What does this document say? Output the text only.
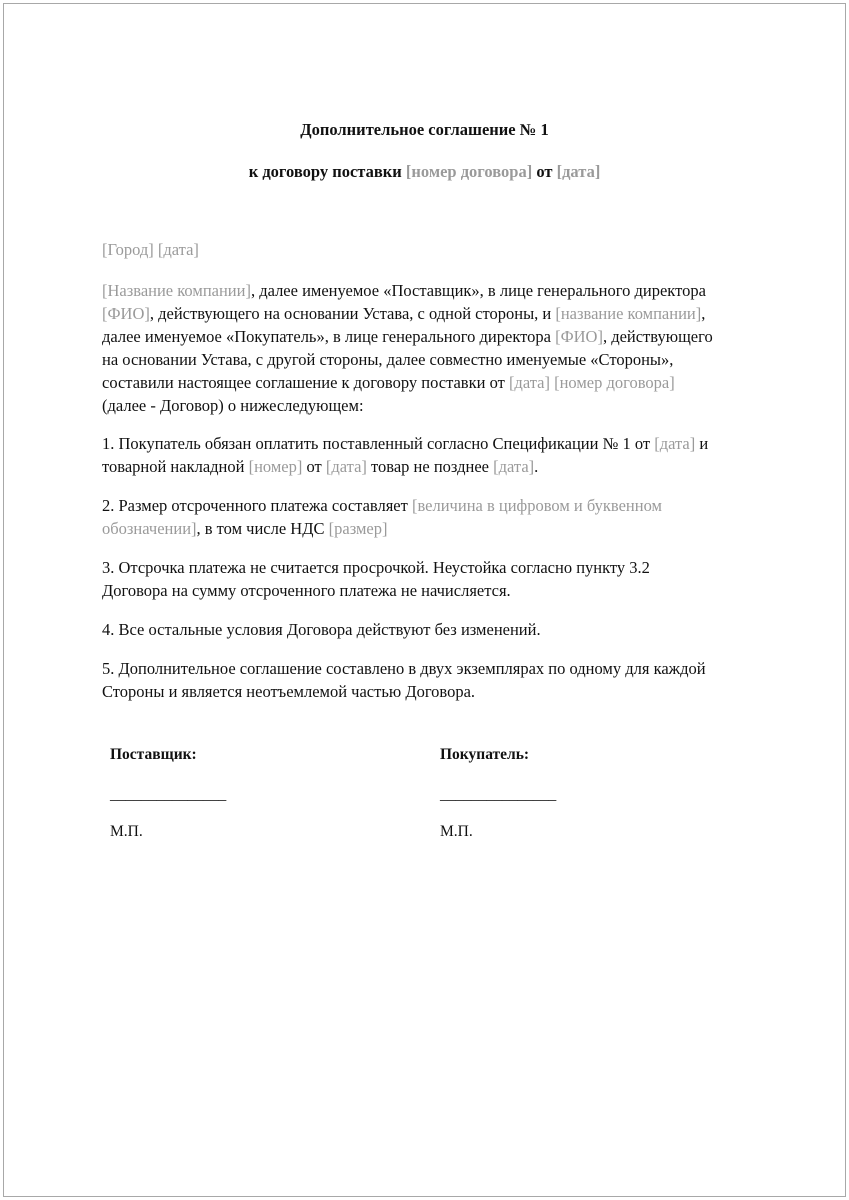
Дополнительное соглашение № 1
к договору поставки [номер договора] от [дата]
[Город] [дата]
[Название компании], далее именуемое «Поставщик», в лице генерального директора
[ФИО], действующего на основании Устава, с одной стороны, и [название компании],
далее именуемое «Покупатель», в лице генерального директора [ФИО], действующего
на основании Устава, с другой стороны, далее совместно именуемые «Стороны»,
составили настоящее соглашение к договору поставки от [дата] [номер договора]
(далее - Договор) о нижеследующем:
1. Покупатель обязан оплатить поставленный согласно Спецификации № 1 от [дата] и
товарной накладной [номер] от [дата] товар не позднее [дата].
2. Размер отсроченного платежа составляет [величина в цифровом и буквенном
обозначении], в том числе НДС [размер]
3. Отсрочка платежа не считается просрочкой. Неустойка согласно пункту 3.2
Договора на сумму отсроченного платежа не начисляется.
4. Все остальные условия Договора действуют без изменений.
5. Дополнительное соглашение составлено в двух экземплярах по одному для каждой
Стороны и является неотъемлемой частью Договора.
Поставщик:
_______________
М.П.
Покупатель:
_______________
М.П.
